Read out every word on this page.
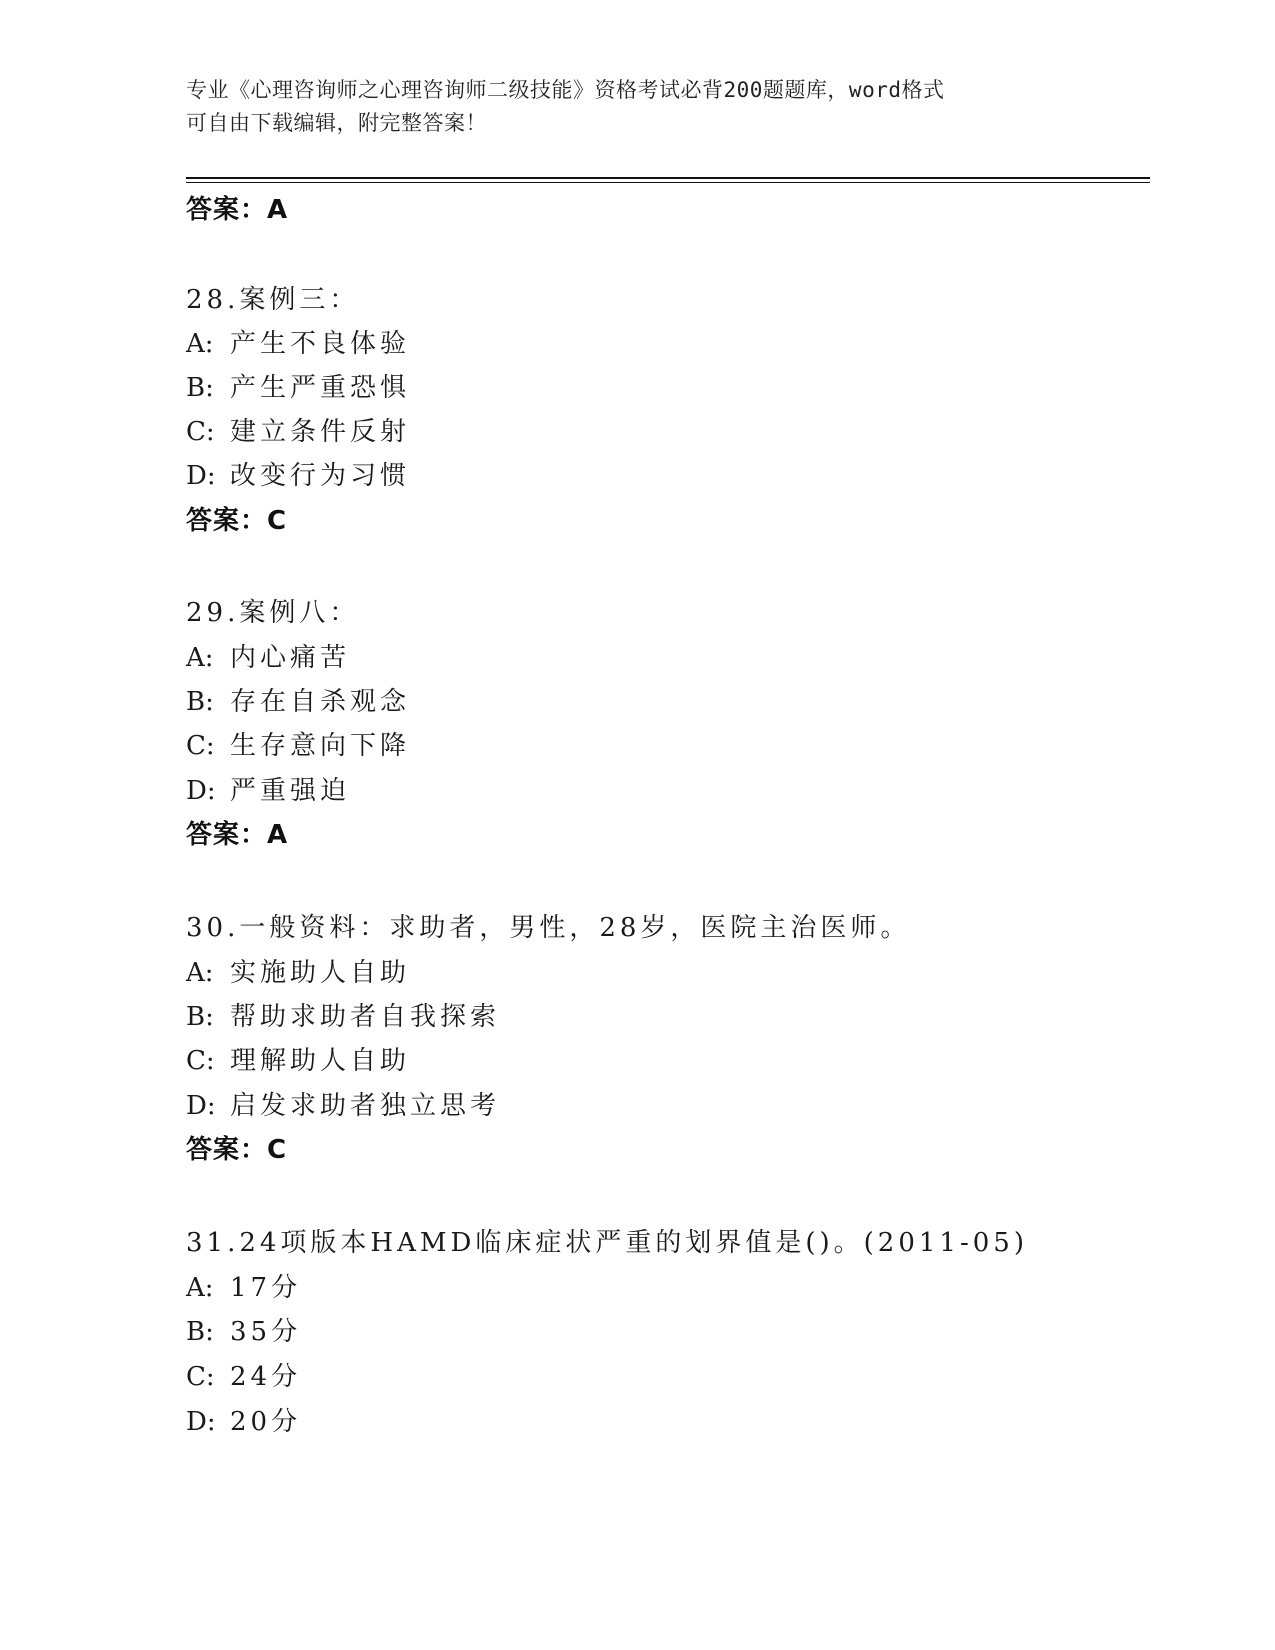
专业《心理咨询师之心理咨询师二级技能》资格考试必背200题题库，word格式
可自由下载编辑，附完整答案！
答案：A
28.案例三：
A: 产生不良体验
B: 产生严重恐惧
C: 建立条件反射
D: 改变行为习惯
答案：C
29.案例八：
A: 内心痛苦
B: 存在自杀观念
C: 生存意向下降
D: 严重强迫
答案：A
30.一般资料：求助者，男性，28岁，医院主治医师。
A: 实施助人自助
B: 帮助求助者自我探索
C: 理解助人自助
D: 启发求助者独立思考
答案：C
31.24项版本HAMD临床症状严重的划界值是()。(2011-05)
A: 17分
B: 35分
C: 24分
D: 20分
